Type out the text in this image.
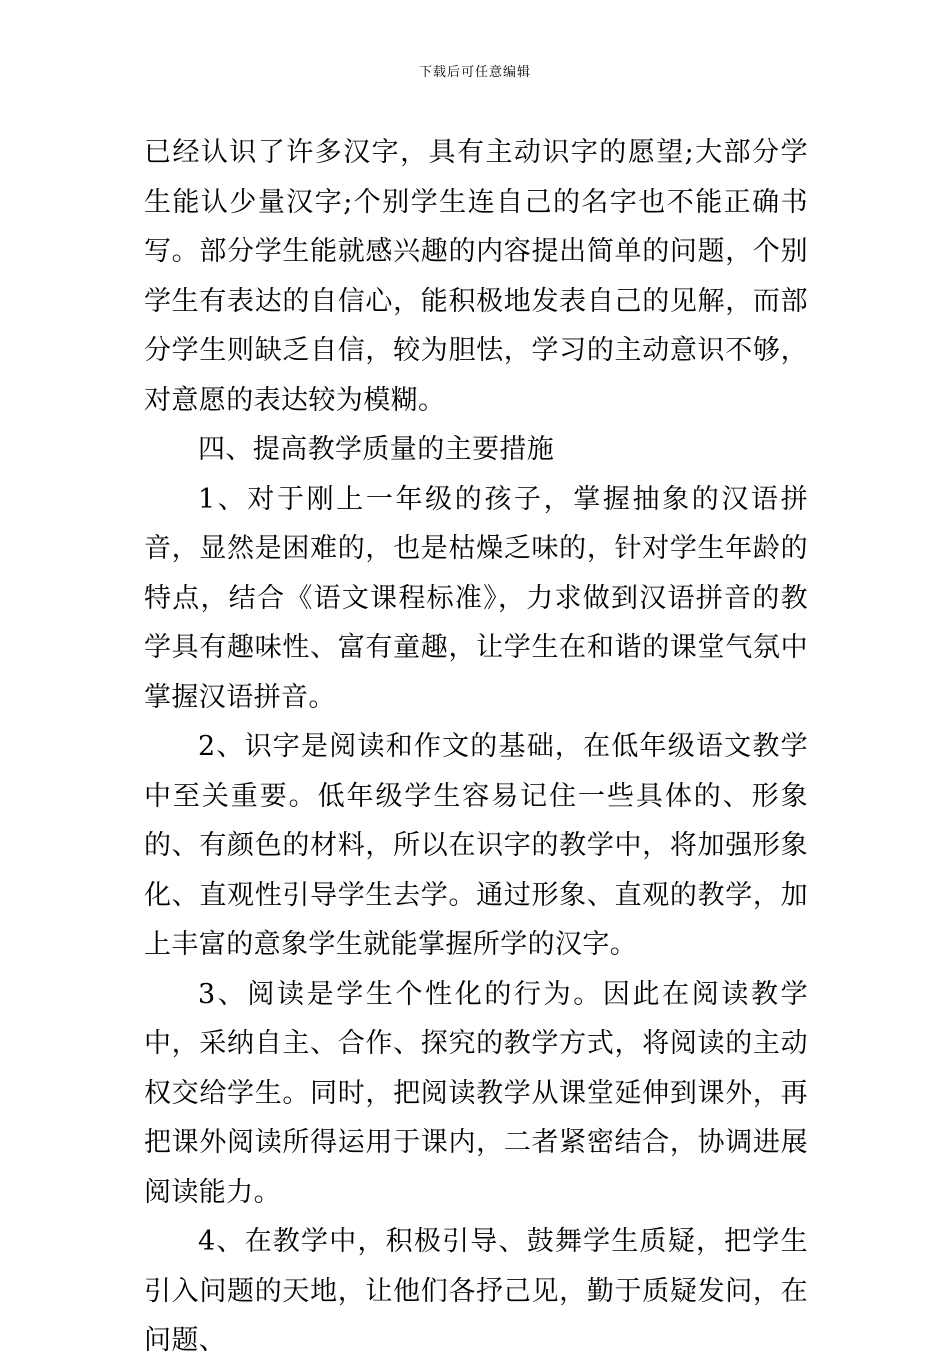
下载后可任意编辑

已经认识了许多汉字，具有主动识字的愿望;大部分学生能认少量汉字;个别学生连自己的名字也不能正确书写。部分学生能就感兴趣的内容提出简单的问题，个别学生有表达的自信心，能积极地发表自己的见解，而部分学生则缺乏自信，较为胆怯，学习的主动意识不够，对意愿的表达较为模糊。

四、提高教学质量的主要措施

1、对于刚上一年级的孩子，掌握抽象的汉语拼音，显然是困难的，也是枯燥乏味的，针对学生年龄的特点，结合《语文课程标准》，力求做到汉语拼音的教学具有趣味性、富有童趣，让学生在和谐的课堂气氛中掌握汉语拼音。

2、识字是阅读和作文的基础，在低年级语文教学中至关重要。低年级学生容易记住一些具体的、形象的、有颜色的材料，所以在识字的教学中，将加强形象化、直观性引导学生去学。通过形象、直观的教学，加上丰富的意象学生就能掌握所学的汉字。

3、阅读是学生个性化的行为。因此在阅读教学中，采纳自主、合作、探究的教学方式，将阅读的主动权交给学生。同时，把阅读教学从课堂延伸到课外，再把课外阅读所得运用于课内，二者紧密结合，协调进展阅读能力。

4、在教学中，积极引导、鼓舞学生质疑，把学生引入问题的天地，让他们各抒己见，勤于质疑发问，在问题、
